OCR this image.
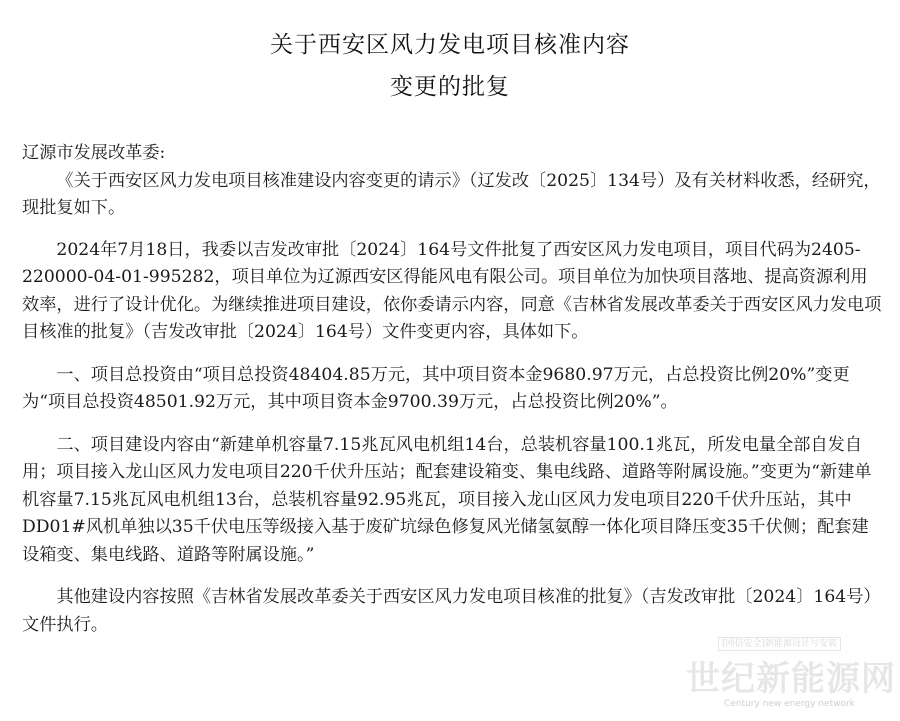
关于西安区风力发电项目核准内容
变更的批复

辽源市发展改革委:

《关于西安区风力发电项目核准建设内容变更的请示》（辽发改〔2025〕134号）及有关材料收悉，经研究，现批复如下。

2024年7月18日，我委以吉发改审批〔2024〕164号文件批复了西安区风力发电项目，项目代码为2405-220000-04-01-995282，项目单位为辽源西安区得能风电有限公司。项目单位为加快项目落地、提高资源利用效率，进行了设计优化。为继续推进项目建设，依你委请示内容，同意《吉林省发展改革委关于西安区风力发电项目核准的批复》（吉发改审批〔2024〕164号）文件变更内容，具体如下。

一、项目总投资由“项目总投资48404.85万元，其中项目资本金9680.97万元，占总投资比例20%”变更为“项目总投资48501.92万元，其中项目资本金9700.39万元，占总投资比例20%”。

二、项目建设内容由“新建单机容量7.15兆瓦风电机组14台，总装机容量100.1兆瓦，所发电量全部自发自用；项目接入龙山区风力发电项目220千伏升压站；配套建设箱变、集电线路、道路等附属设施。”变更为“新建单机容量7.15兆瓦风电机组13台，总装机容量92.95兆瓦，项目接入龙山区风力发电项目220千伏升压站，其中DD01#风机单独以35千伏电压等级接入基于废矿坑绿色修复风光储氢氨醇一体化项目降压变35千伏侧；配套建设箱变、集电线路、道路等附属设施。”

其他建设内容按照《吉林省发展改革委关于西安区风力发电项目核准的批复》（吉发改审批〔2024〕164号）文件执行。

[网信安全]新能源设计与安装
世纪新能源网
Century new energy network
